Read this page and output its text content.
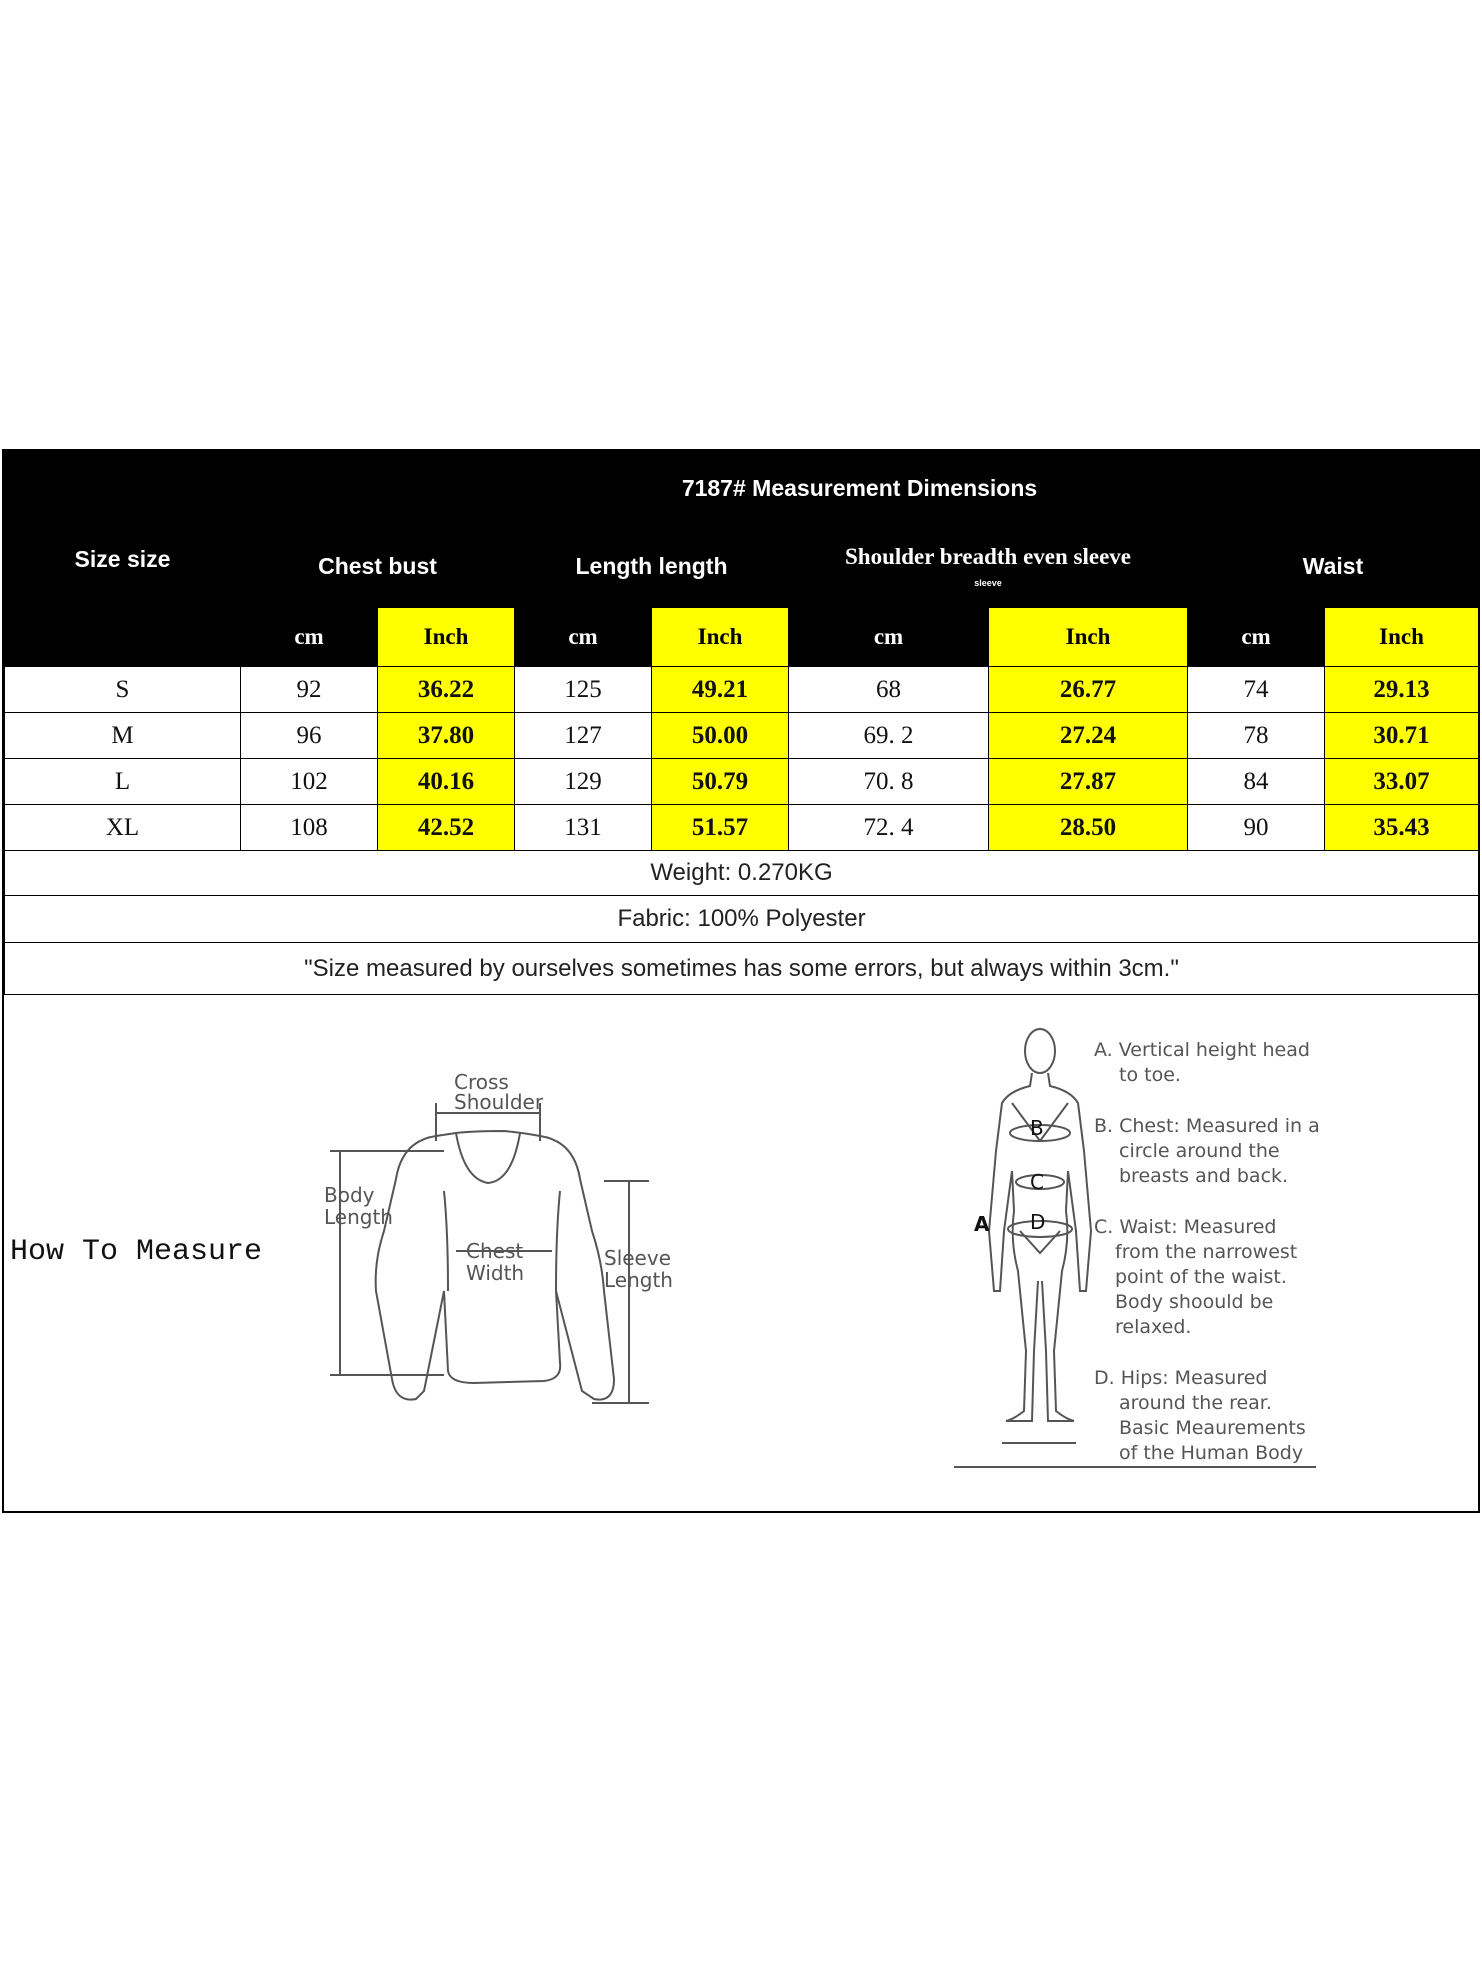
Size size	7187# Measurement Dimensions							
	Chest bust		Length length		Shoulder breadth even sleeve
sleeve		Waist	
	cm	Inch	cm	Inch	cm	Inch	cm	Inch
S	92	36.22	125	49.21	68	26.77	74	29.13
M	96	37.80	127	50.00	69. 2	27.24	78	30.71
L	102	40.16	129	50.79	70. 8	27.87	84	33.07
XL	108	42.52	131	51.57	72. 4	28.50	90	35.43
Weight: 0.270KG								
Fabric: 100% Polyester								
"Size measured by ourselves sometimes has some errors, but always within 3cm."								
How To Measure
Cross
Shoulder
Body
Length
Chest
Width
Sleeve
Length
A
B
C
D
A. Vertical height head
to toe.
B. Chest: Measured in a
circle around the
breasts and back.
C. Waist: Measured
from the narrowest
point of the waist.
Body shoould be
relaxed.
D. Hips: Measured
around the rear.
Basic Meaurements
of the Human Body
